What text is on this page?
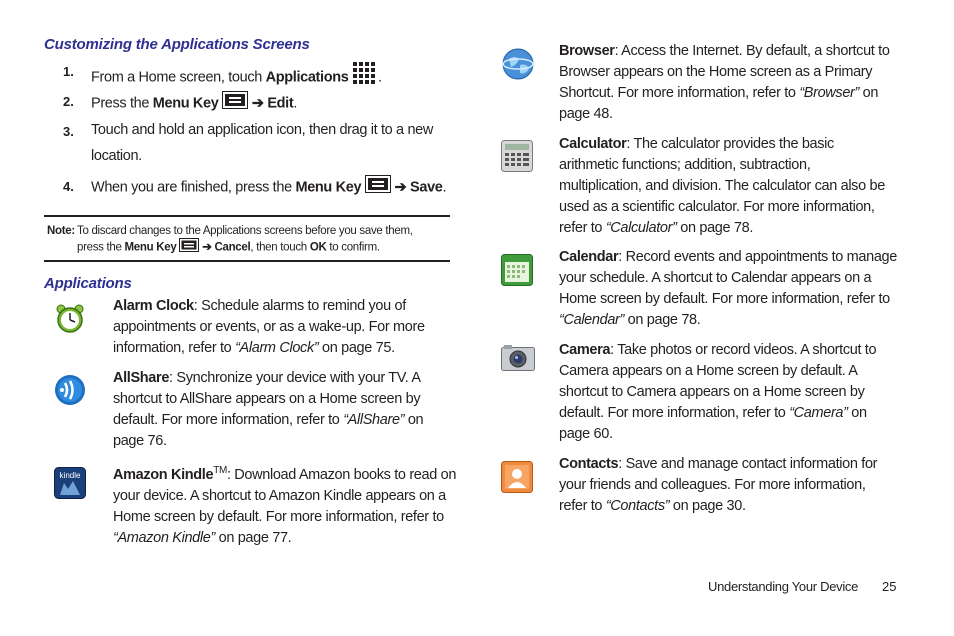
Customizing the Applications Screens
1. From a Home screen, touch Applications .
2. Press the Menu Key ➔ Edit.
3. Touch and hold an application icon, then drag it to a new
location.
4. When you are finished, press the Menu Key ➔ Save.
Note: To discard changes to the Applications screens before you save them,
press the Menu Key ➔ Cancel, then touch OK to confirm.
Applications
Alarm Clock: Schedule alarms to remind you of
appointments or events, or as a wake-up. For more
information, refer to “Alarm Clock” on page 75.
AllShare: Synchronize your device with your TV. A
shortcut to AllShare appears on a Home screen by
default. For more information, refer to “AllShare” on
page 76.
kindle Amazon Kindle™: Download Amazon books to read on
your device. A shortcut to Amazon Kindle appears on a
Home screen by default. For more information, refer to
“Amazon Kindle” on page 77.
Browser: Access the Internet. By default, a shortcut to
Browser appears on the Home screen as a Primary
Shortcut. For more information, refer to “Browser” on
page 48.
Calculator: The calculator provides the basic
arithmetic functions; addition, subtraction,
multiplication, and division. The calculator can also be
used as a scientific calculator. For more information,
refer to “Calculator” on page 78.
Calendar: Record events and appointments to manage
your schedule. A shortcut to Calendar appears on a
Home screen by default. For more information, refer to
“Calendar” on page 78.
Camera: Take photos or record videos. A shortcut to
Camera appears on a Home screen by default. A
shortcut to Camera appears on a Home screen by
default. For more information, refer to “Camera” on
page 60.
Contacts: Save and manage contact information for
your friends and colleagues. For more information,
refer to “Contacts” on page 30.
Understanding Your Device 25
